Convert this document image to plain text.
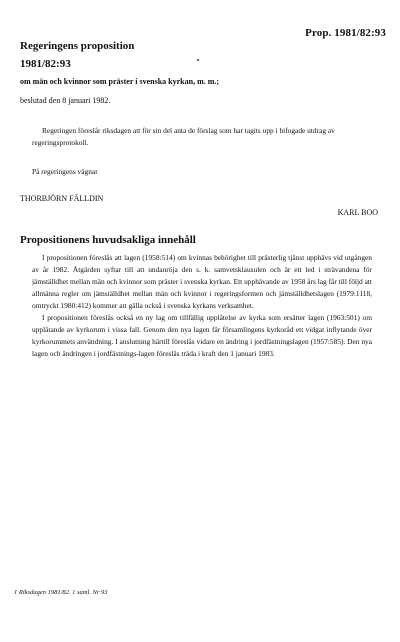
Prop. 1981/82:93
Regeringens proposition
1981/82:93
om män och kvinnor som präster i svenska kyrkan, m. m.;
beslutad den 8 januari 1982.
Regeringen föreslår riksdagen att för sin del anta de förslag som har tagits upp i bifogade utdrag av regeringsprotokoll.
På regeringens vägnar
THORBJÖRN FÄLLDIN
KARL BOO
Propositionens huvudsakliga innehåll

I propositionen föreslås att lagen (1958:514) om kvinnas behörighet till prästerlig tjänst upphävs vid utgången av år 1982. Åtgärden syftar till att undanröja den s. k. samvetsklausulen och är ett led i strävandena för jämställdhet mellan män och kvinnor som präster i svenska kyrkan. Ett upphävande av 1958 års lag får till följd att allmänna regler om jämställdhet mellan män och kvinnor i regeringsformen och jämställdhetslagen (1979:1118, omtryckt 1980:412) kommer att gälla också i svenska kyrkans verksamhet.

I propositionen föreslås också en ny lag om tillfällig upplåtelse av kyrka som ersätter lagen (1963:501) om upplåtande av kyrkorum i vissa fall. Genom den nya lagen får församlingens kyrkoråd ett vidgat inflytande över kyrkorummets användning. I anslutning härtill föreslås vidare en ändring i jordfästningslagen (1957:585). Den nya lagen och ändringen i jordfästnings-lagen föreslås träda i kraft den 1 januari 1983.

1 Riksdagen 1981/82. 1 saml. Nr 93
